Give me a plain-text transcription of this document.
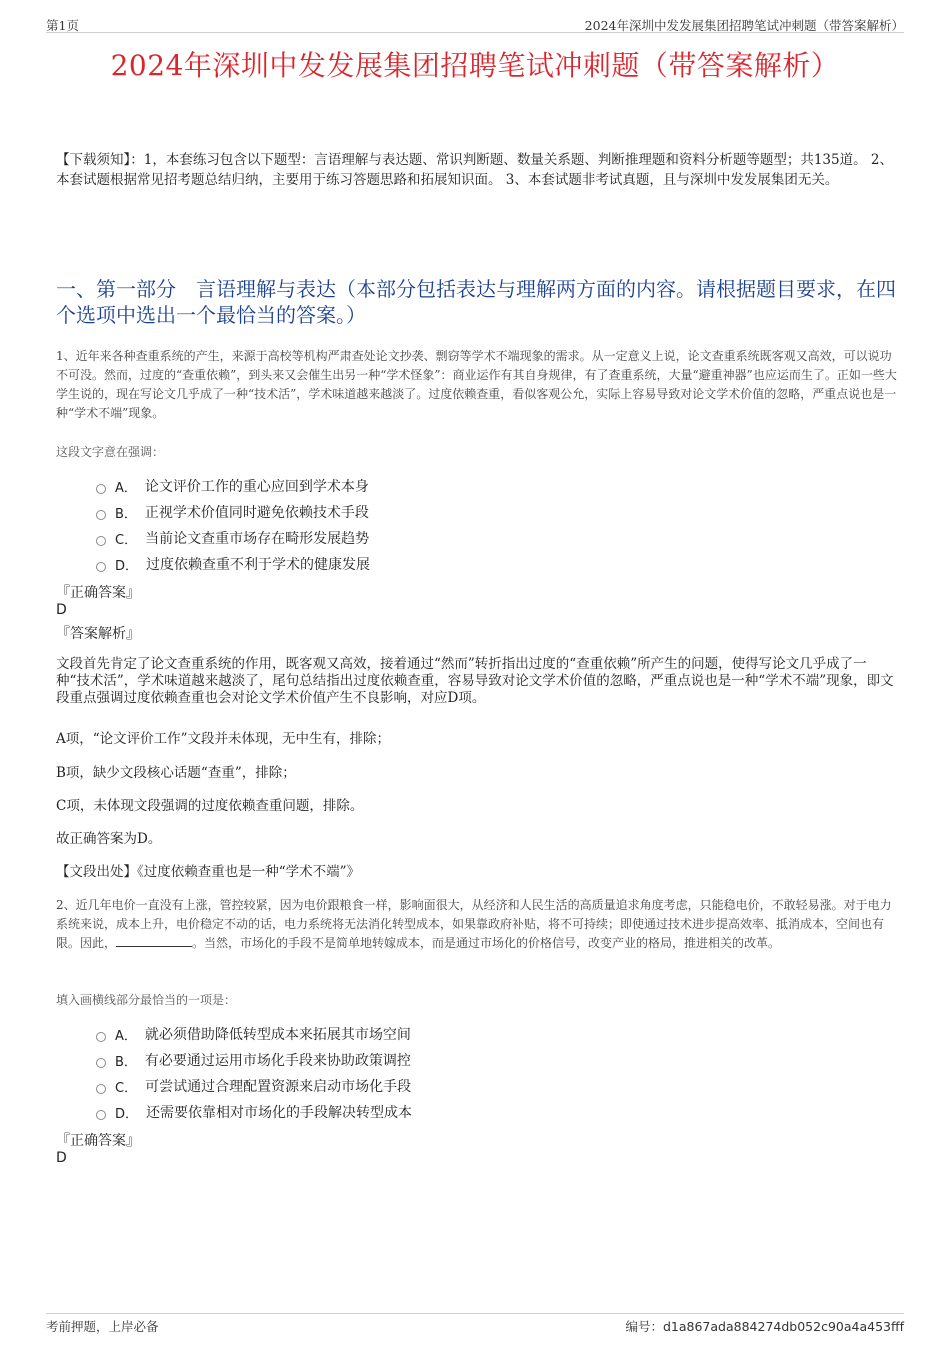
第1页	2024年深圳中发发展集团招聘笔试冲刺题（带答案解析）
2024年深圳中发发展集团招聘笔试冲刺题（带答案解析）
【下载须知】：1，本套练习包含以下题型：言语理解与表达题、常识判断题、数量关系题、判断推理题和资料分析题等题型；共135道。 2、本套试题根据常见招考题总结归纳，主要用于练习答题思路和拓展知识面。 3、本套试题非考试真题，且与深圳中发发展集团无关。
一、第一部分　言语理解与表达（本部分包括表达与理解两方面的内容。请根据题目要求，在四个选项中选出一个最恰当的答案。）
1、近年来各种查重系统的产生，来源于高校等机构严肃查处论文抄袭、剽窃等学术不端现象的需求。从一定意义上说，论文查重系统既客观又高效，可以说功不可没。然而，过度的“查重依赖”，到头来又会催生出另一种“学术怪象”：商业运作有其自身规律，有了查重系统，大量“避重神器”也应运而生了。正如一些大学生说的，现在写论文几乎成了一种“技术活”，学术味道越来越淡了。过度依赖查重，看似客观公允，实际上容易导致对论文学术价值的忽略，严重点说也是一种“学术不端”现象。
这段文字意在强调：
A． 论文评价工作的重心应回到学术本身
B． 正视学术价值同时避免依赖技术手段
C． 当前论文查重市场存在畸形发展趋势
D． 过度依赖查重不利于学术的健康发展
『正确答案』
D
『答案解析』
文段首先肯定了论文查重系统的作用，既客观又高效，接着通过“然而”转折指出过度的“查重依赖”所产生的问题，使得写论文几乎成了一种“技术活”，学术味道越来越淡了，尾句总结指出过度依赖查重，容易导致对论文学术价值的忽略，严重点说也是一种“学术不端”现象，即文段重点强调过度依赖查重也会对论文学术价值产生不良影响，对应D项。
A项，“论文评价工作”文段并未体现，无中生有，排除；
B项，缺少文段核心话题“查重”，排除；
C项，未体现文段强调的过度依赖查重问题，排除。
故正确答案为D。
【文段出处】《过度依赖查重也是一种“学术不端”》
2、近几年电价一直没有上涨，管控较紧，因为电价跟粮食一样，影响面很大，从经济和人民生活的高质量追求角度考虑，只能稳电价，不敢轻易涨。对于电力系统来说，成本上升，电价稳定不动的话，电力系统将无法消化转型成本，如果靠政府补贴，将不可持续；即使通过技术进步提高效率、抵消成本，空间也有限。因此，	。当然，市场化的手段不是简单地转嫁成本，而是通过市场化的价格信号，改变产业的格局，推进相关的改革。
填入画横线部分最恰当的一项是：
A． 就必须借助降低转型成本来拓展其市场空间
B． 有必要通过运用市场化手段来协助政策调控
C． 可尝试通过合理配置资源来启动市场化手段
D． 还需要依靠相对市场化的手段解决转型成本
『正确答案』
D
考前押题，上岸必备	编号：d1a867ada884274db052c90a4a453fff
